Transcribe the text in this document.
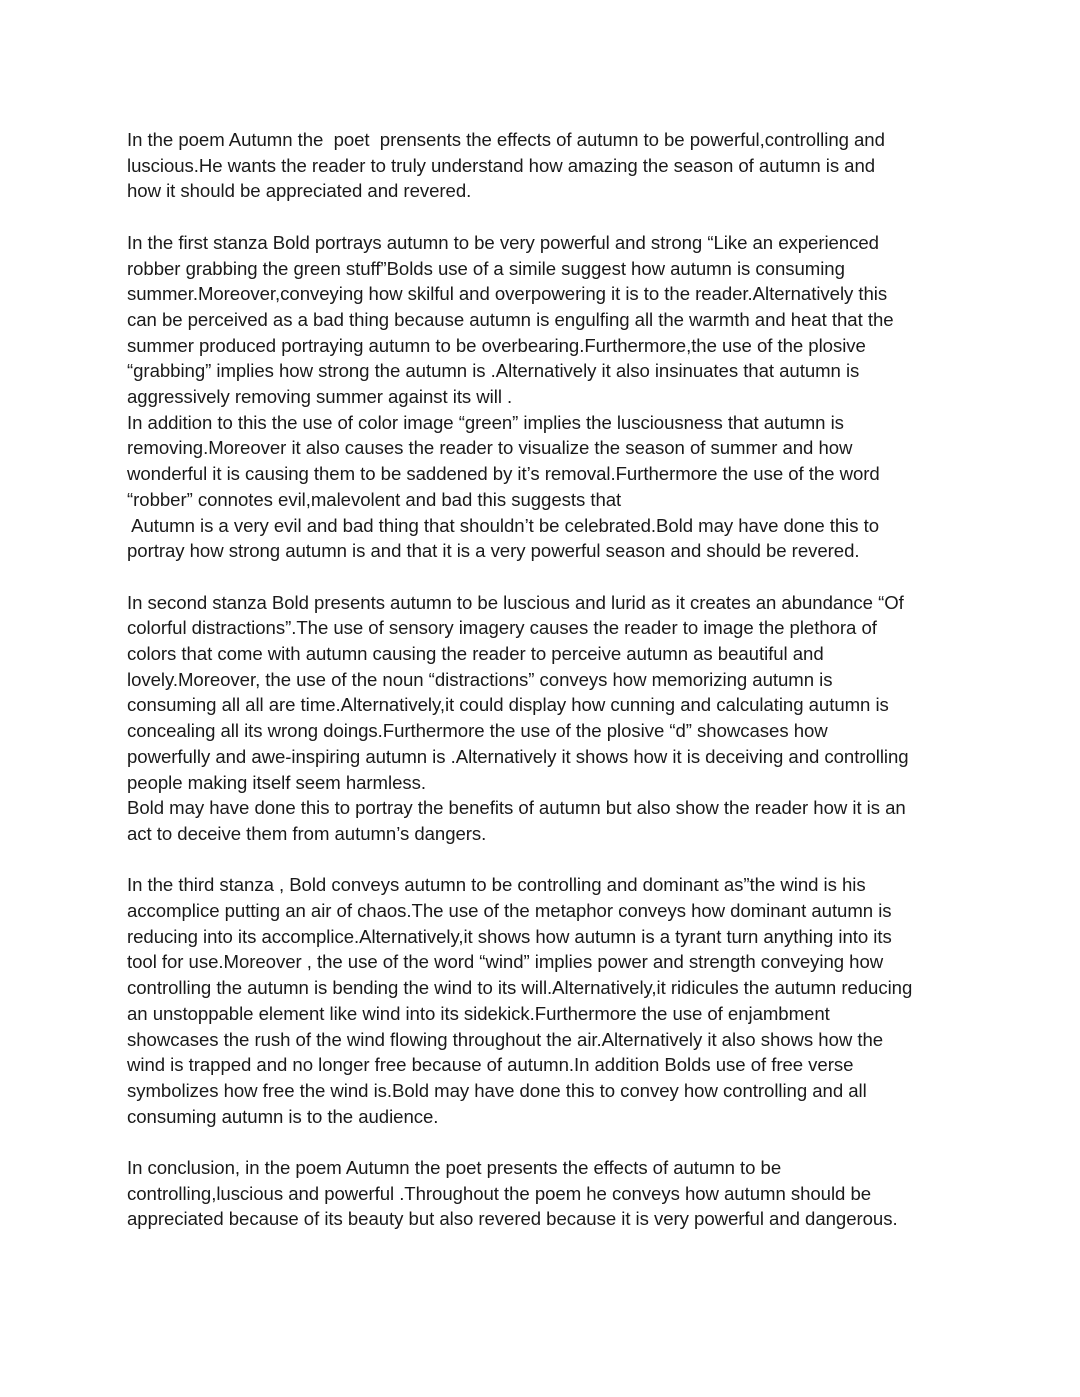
In the poem Autumn the  poet  prensents the effects of autumn to be powerful,controlling and
luscious.He wants the reader to truly understand how amazing the season of autumn is and
how it should be appreciated and revered.
In the first stanza Bold portrays autumn to be very powerful and strong “Like an experienced
robber grabbing the green stuff”Bolds use of a simile suggest how autumn is consuming
summer.Moreover,conveying how skilful and overpowering it is to the reader.Alternatively this
can be perceived as a bad thing because autumn is engulfing all the warmth and heat that the
summer produced portraying autumn to be overbearing.Furthermore,the use of the plosive
“grabbing” implies how strong the autumn is .Alternatively it also insinuates that autumn is
aggressively removing summer against its will .
In addition to this the use of color image “green” implies the lusciousness that autumn is
removing.Moreover it also causes the reader to visualize the season of summer and how
wonderful it is causing them to be saddened by it’s removal.Furthermore the use of the word
“robber” connotes evil,malevolent and bad this suggests that
Autumn is a very evil and bad thing that shouldn’t be celebrated.Bold may have done this to
portray how strong autumn is and that it is a very powerful season and should be revered.
In second stanza Bold presents autumn to be luscious and lurid as it creates an abundance “Of
colorful distractions”.The use of sensory imagery causes the reader to image the plethora of
colors that come with autumn causing the reader to perceive autumn as beautiful and
lovely.Moreover, the use of the noun “distractions” conveys how memorizing autumn is
consuming all all are time.Alternatively,it could display how cunning and calculating autumn is
concealing all its wrong doings.Furthermore the use of the plosive “d” showcases how
powerfully and awe-inspiring autumn is .Alternatively it shows how it is deceiving and controlling
people making itself seem harmless.
Bold may have done this to portray the benefits of autumn but also show the reader how it is an
act to deceive them from autumn’s dangers.
In the third stanza , Bold conveys autumn to be controlling and dominant as”the wind is his
accomplice putting an air of chaos.The use of the metaphor conveys how dominant autumn is
reducing into its accomplice.Alternatively,it shows how autumn is a tyrant turn anything into its
tool for use.Moreover , the use of the word “wind” implies power and strength conveying how
controlling the autumn is bending the wind to its will.Alternatively,it ridicules the autumn reducing
an unstoppable element like wind into its sidekick.Furthermore the use of enjambment
showcases the rush of the wind flowing throughout the air.Alternatively it also shows how the
wind is trapped and no longer free because of autumn.In addition Bolds use of free verse
symbolizes how free the wind is.Bold may have done this to convey how controlling and all
consuming autumn is to the audience.
In conclusion, in the poem Autumn the poet presents the effects of autumn to be
controlling,luscious and powerful .Throughout the poem he conveys how autumn should be
appreciated because of its beauty but also revered because it is very powerful and dangerous.
